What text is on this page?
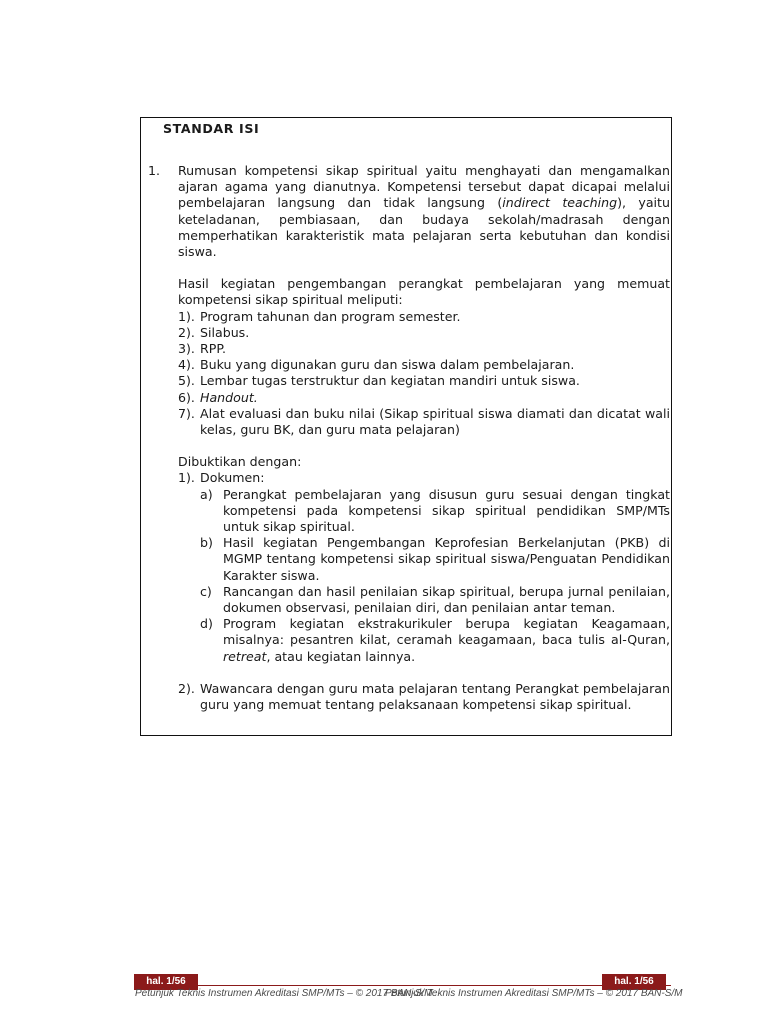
STANDAR ISI
1.	Rumusan kompetensi sikap spiritual yaitu menghayati dan mengamalkan ajaran agama yang dianutnya. Kompetensi tersebut dapat dicapai melalui pembelajaran langsung dan tidak langsung (indirect teaching), yaitu keteladanan, pembiasaan, dan budaya sekolah/madrasah dengan memperhatikan karakteristik mata pelajaran serta kebutuhan dan kondisi siswa.
Hasil kegiatan pengembangan perangkat pembelajaran yang memuat kompetensi sikap spiritual meliputi:
1). Program tahunan dan program semester.
2). Silabus.
3). RPP.
4). Buku yang digunakan guru dan siswa dalam pembelajaran.
5). Lembar tugas terstruktur dan kegiatan mandiri untuk siswa.
6). Handout.
7). Alat evaluasi dan buku nilai (Sikap spiritual siswa diamati dan dicatat wali kelas, guru BK, dan guru mata pelajaran)
Dibuktikan dengan:
1). Dokumen:
a) Perangkat pembelajaran yang disusun guru sesuai dengan tingkat kompetensi pada kompetensi sikap spiritual pendidikan SMP/MTs untuk sikap spiritual.
b) Hasil kegiatan Pengembangan Keprofesian Berkelanjutan (PKB) di MGMP tentang kompetensi sikap spiritual siswa/Penguatan Pendidikan Karakter siswa.
c) Rancangan dan hasil penilaian sikap spiritual, berupa jurnal penilaian, dokumen observasi, penilaian diri, dan penilaian antar teman.
d) Program kegiatan ekstrakurikuler berupa kegiatan Keagamaan, misalnya: pesantren kilat, ceramah keagamaan, baca tulis al-Quran, retreat, atau kegiatan lainnya.
2). Wawancara dengan guru mata pelajaran tentang Perangkat pembelajaran guru yang memuat tentang pelaksanaan kompetensi sikap spiritual.
hal. 1/56	hal. 1/56
Petunjuk Teknis Instrumen Akreditasi SMP/MTs – © 2017 BAN-S/M
Petunjuk Teknis Instrumen Akreditasi SMP/MTs – © 2017 BAN-S/M
